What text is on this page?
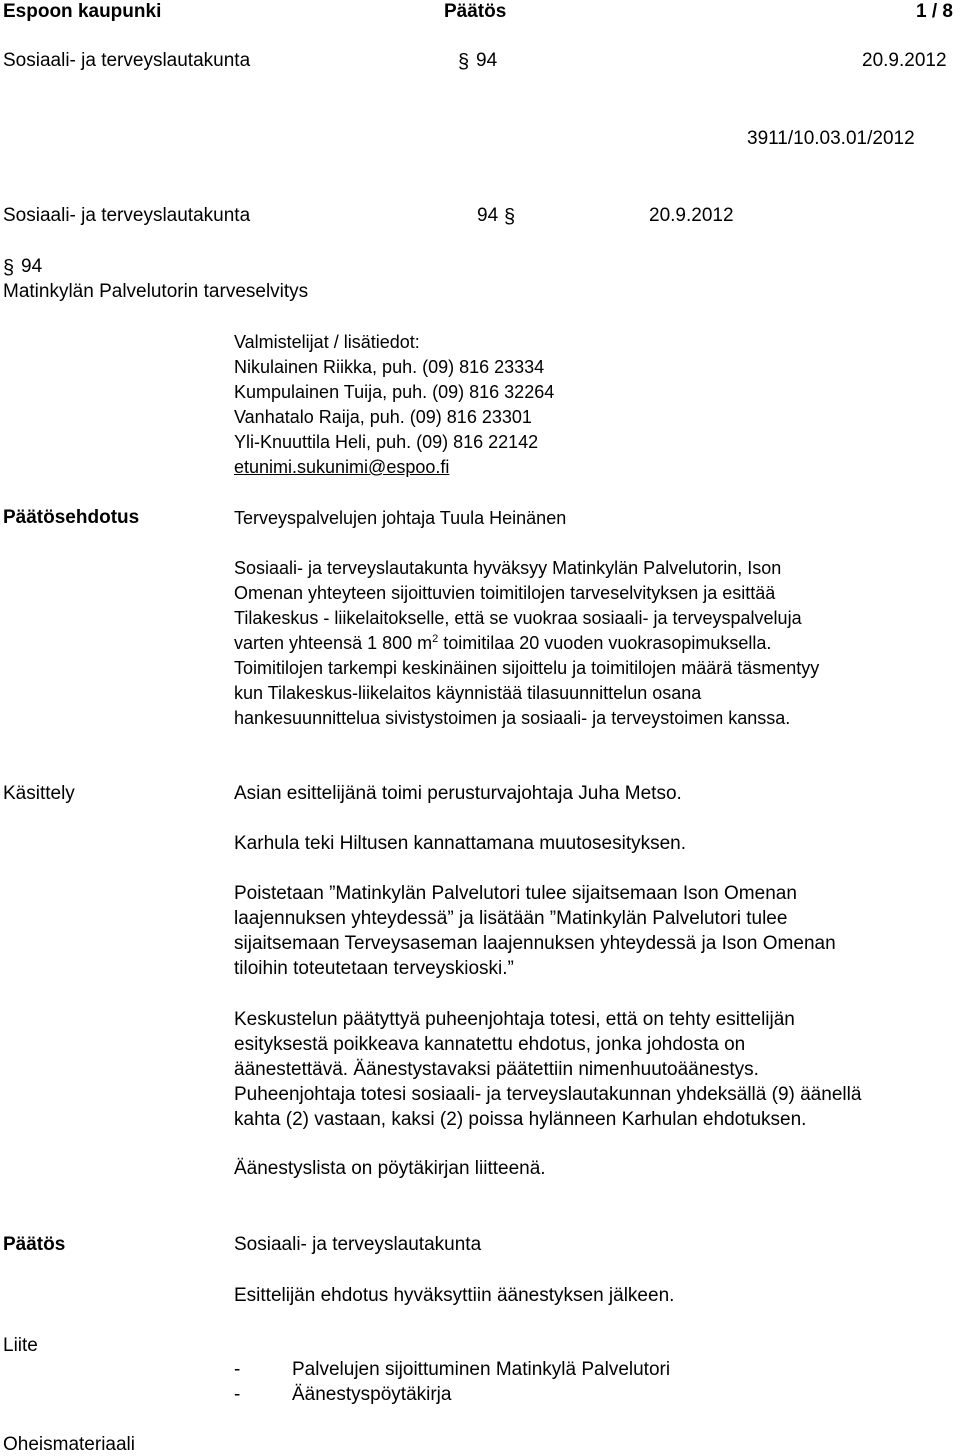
Espoon kaupunki	Päätös	1 / 8
Sosiaali- ja terveyslautakunta	§ 94	20.9.2012
3911/10.03.01/2012
Sosiaali- ja terveyslautakunta	94 §	20.9.2012
§ 94
Matinkylän Palvelutorin tarveselvitys
Valmistelijat / lisätiedot:
Nikulainen Riikka, puh. (09) 816 23334
Kumpulainen Tuija, puh. (09) 816 32264
Vanhatalo Raija, puh. (09) 816 23301
Yli-Knuuttila Heli, puh. (09) 816 22142
etunimi.sukunimi@espoo.fi
Päätösehdotus	Terveyspalvelujen johtaja Tuula Heinänen
Sosiaali- ja terveyslautakunta hyväksyy Matinkylän Palvelutorin, Ison
Omenan yhteyteen sijoittuvien toimitilojen tarveselvityksen ja esittää
Tilakeskus - liikelaitokselle, että se vuokraa sosiaali- ja terveyspalveluja
varten yhteensä 1 800 $m^2$ toimitilaa 20 vuoden vuokrasopimuksella.
Toimitilojen tarkempi keskinäinen sijoittelu ja toimitilojen määrä täsmentyy
kun Tilakeskus-liikelaitos käynnistää tilasuunnittelun osana
hankesuunnittelua sivistystoimen ja sosiaali- ja terveystoimen kanssa.
Käsittely	Asian esittelijänä toimi perusturvajohtaja Juha Metso.
Karhula teki Hiltusen kannattamana muutosesityksen.
Poistetaan ”Matinkylän Palvelutori tulee sijaitsemaan Ison Omenan
laajennuksen yhteydessä” ja lisätään ”Matinkylän Palvelutori tulee
sijaitsemaan Terveysaseman laajennuksen yhteydessä ja Ison Omenan
tiloihin toteutetaan terveyskioski.”
Keskustelun päätyttyä puheenjohtaja totesi, että on tehty esittelijän
esityksestä poikkeava kannatettu ehdotus, jonka johdosta on
äänestettävä. Äänestystavaksi päätettiin nimenhuutoäänestys.
Puheenjohtaja totesi sosiaali- ja terveyslautakunnan yhdeksällä (9) äänellä
kahta (2) vastaan, kaksi (2) poissa hylänneen Karhulan ehdotuksen.
Äänestyslista on pöytäkirjan liitteenä.
Päätös	Sosiaali- ja terveyslautakunta
Esittelijän ehdotus hyväksyttiin äänestyksen jälkeen.
Liite
-	Palvelujen sijoittuminen Matinkylä Palvelutori
-	Äänestyspöytäkirja
Oheismateriaali
